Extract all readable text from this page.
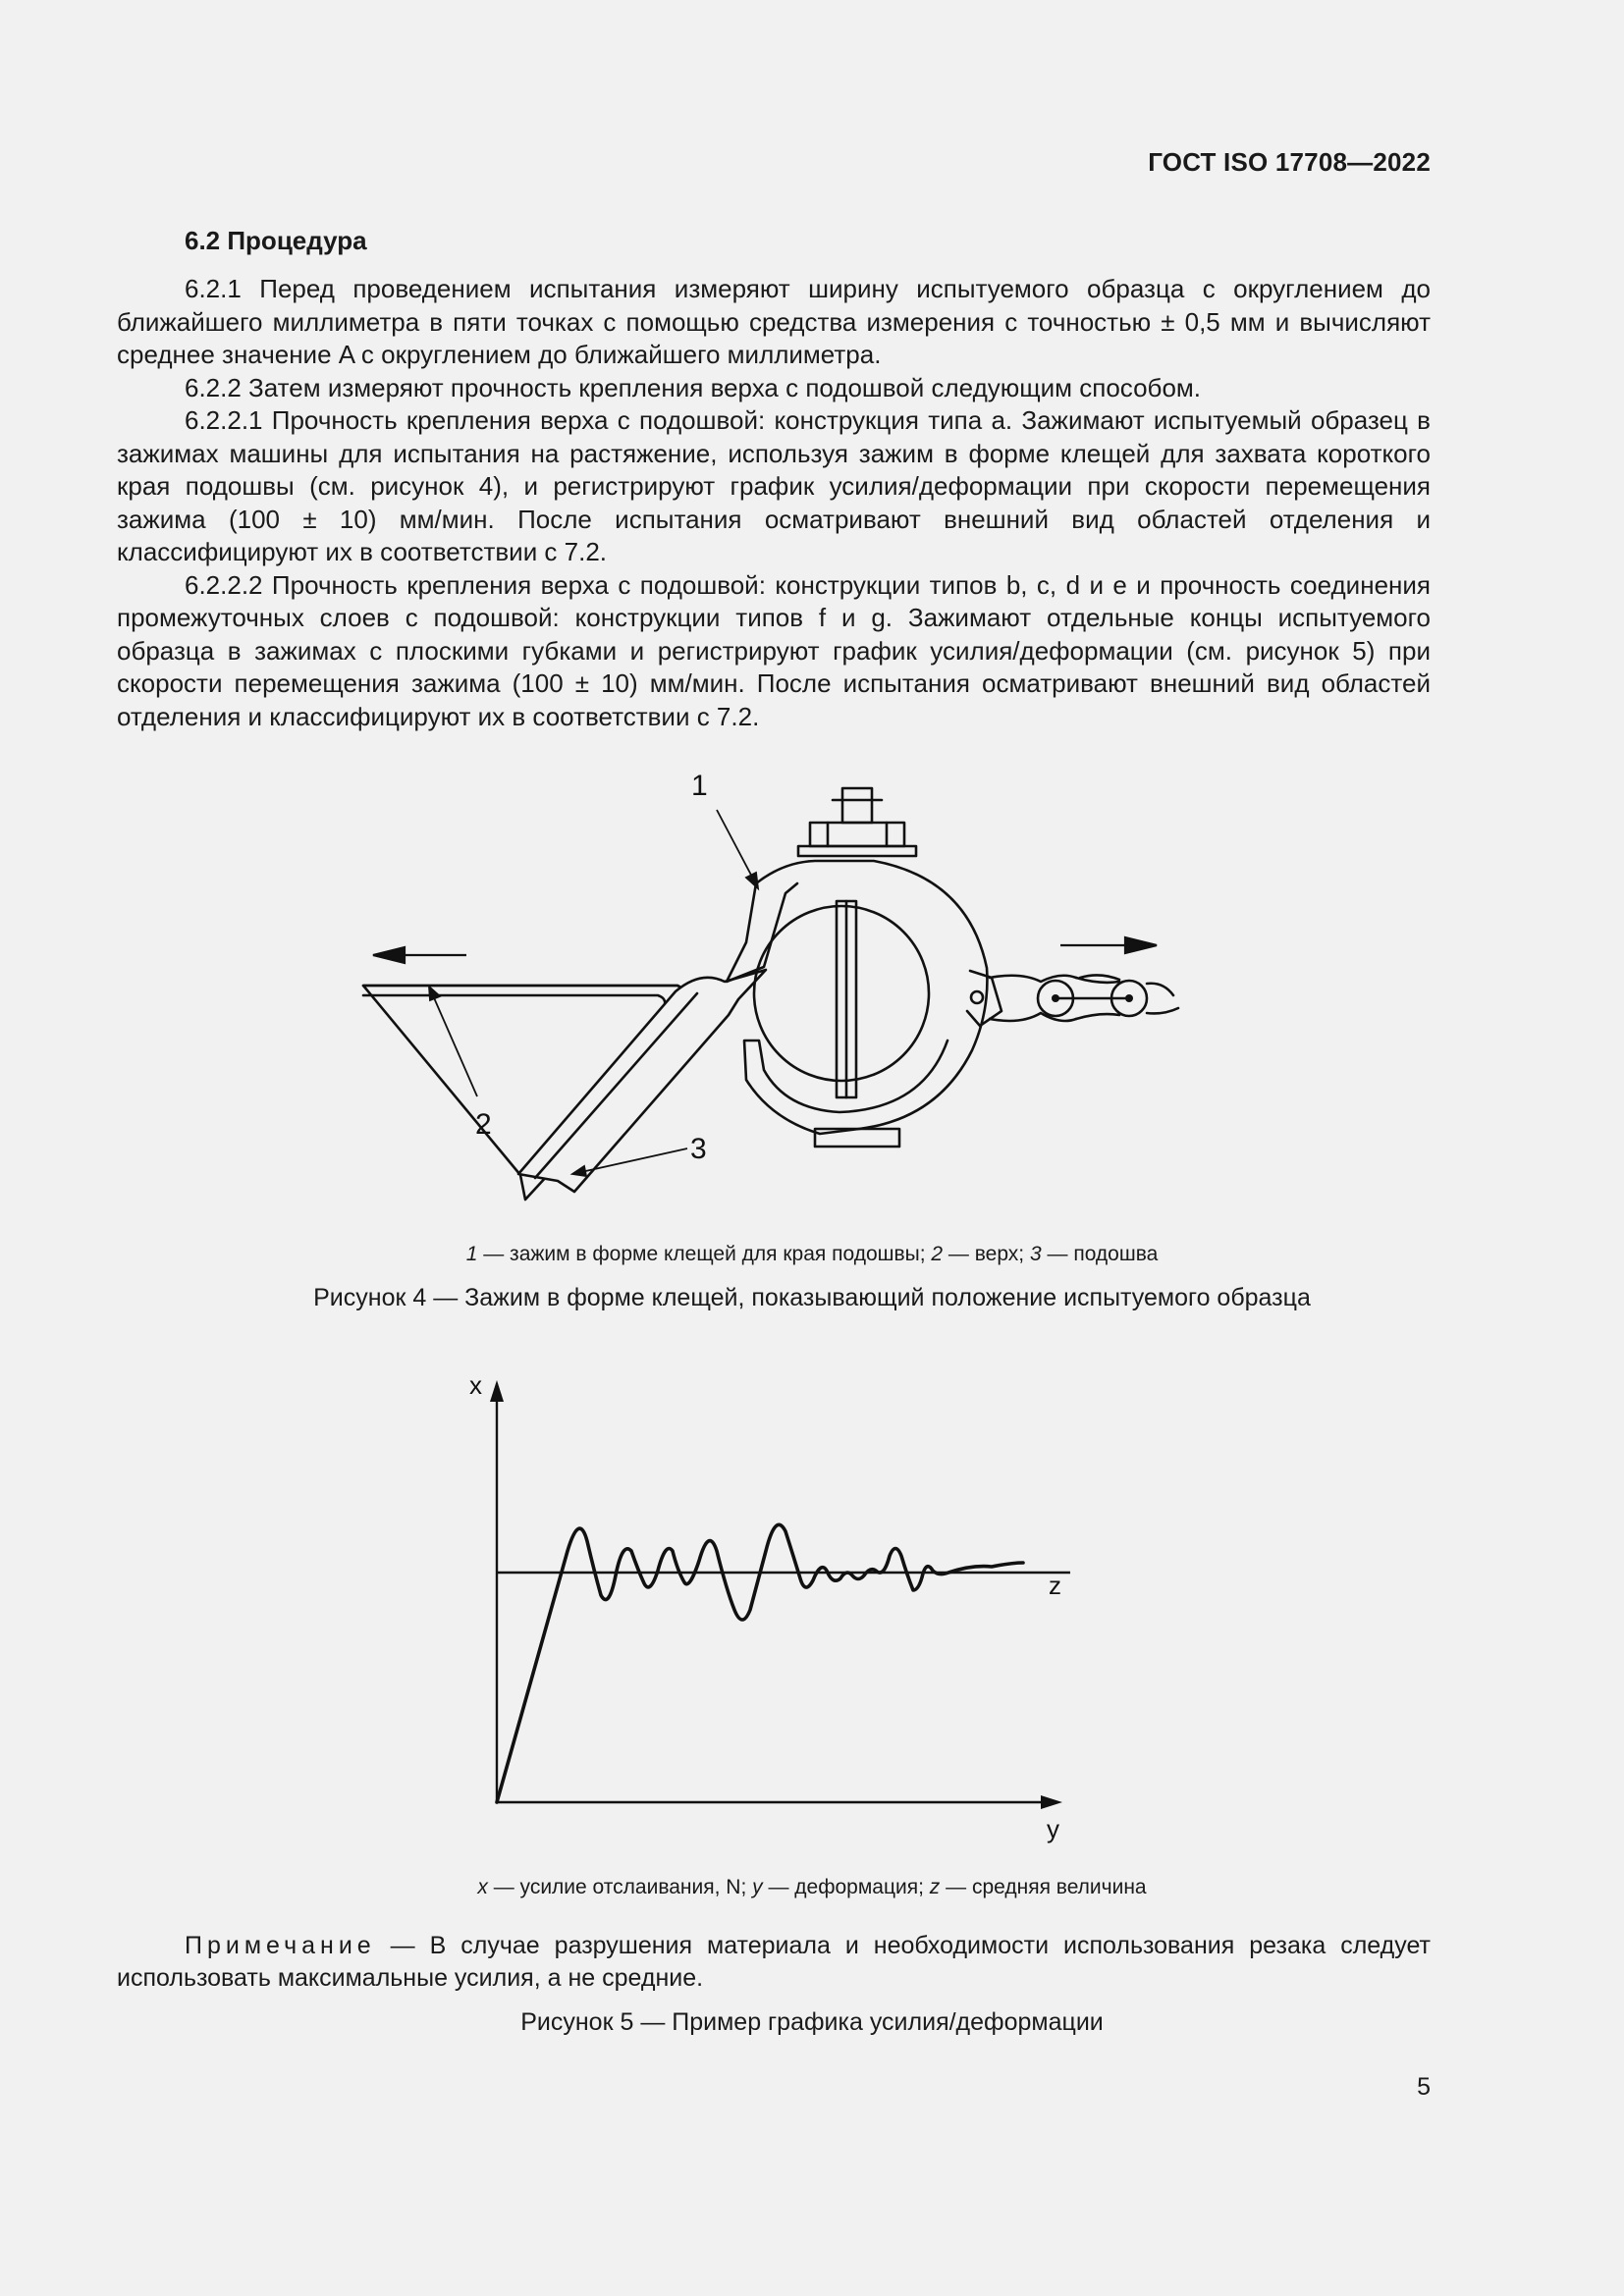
ГОСТ ISO 17708—2022
6.2 Процедура

6.2.1 Перед проведением испытания измеряют ширину испытуемого образца с округлением до ближайшего миллиметра в пяти точках с помощью средства измерения с точностью ± 0,5 мм и вычисляют среднее значение A с округлением до ближайшего миллиметра.

6.2.2 Затем измеряют прочность крепления верха с подошвой следующим способом.

6.2.2.1 Прочность крепления верха с подошвой: конструкция типа a. Зажимают испытуемый образец в зажимах машины для испытания на растяжение, используя зажим в форме клещей для захвата короткого края подошвы (см. рисунок 4), и регистрируют график усилия/деформации при скорости перемещения зажима (100 ± 10) мм/мин. После испытания осматривают внешний вид областей отделения и классифицируют их в соответствии с 7.2.

6.2.2.2 Прочность крепления верха с подошвой: конструкции типов b, c, d и e и прочность соединения промежуточных слоев с подошвой: конструкции типов f и g. Зажимают отдельные концы испытуемого образца в зажимах с плоскими губками и регистрируют график усилия/деформации (см. рисунок 5) при скорости перемещения зажима (100 ± 10) мм/мин. После испытания осматривают внешний вид областей отделения и классифицируют их в соответствии с 7.2.

1
2
3
1 — зажим в форме клещей для края подошвы; 2 — верх; 3 — подошва
Рисунок 4 — Зажим в форме клещей, показывающий положение испытуемого образца
x
y
z
x — усилие отслаивания, N; y — деформация; z — средняя величина
Примечание — В случае разрушения материала и необходимости использования резака следует использовать максимальные усилия, а не средние.
Рисунок 5 — Пример графика усилия/деформации
5
